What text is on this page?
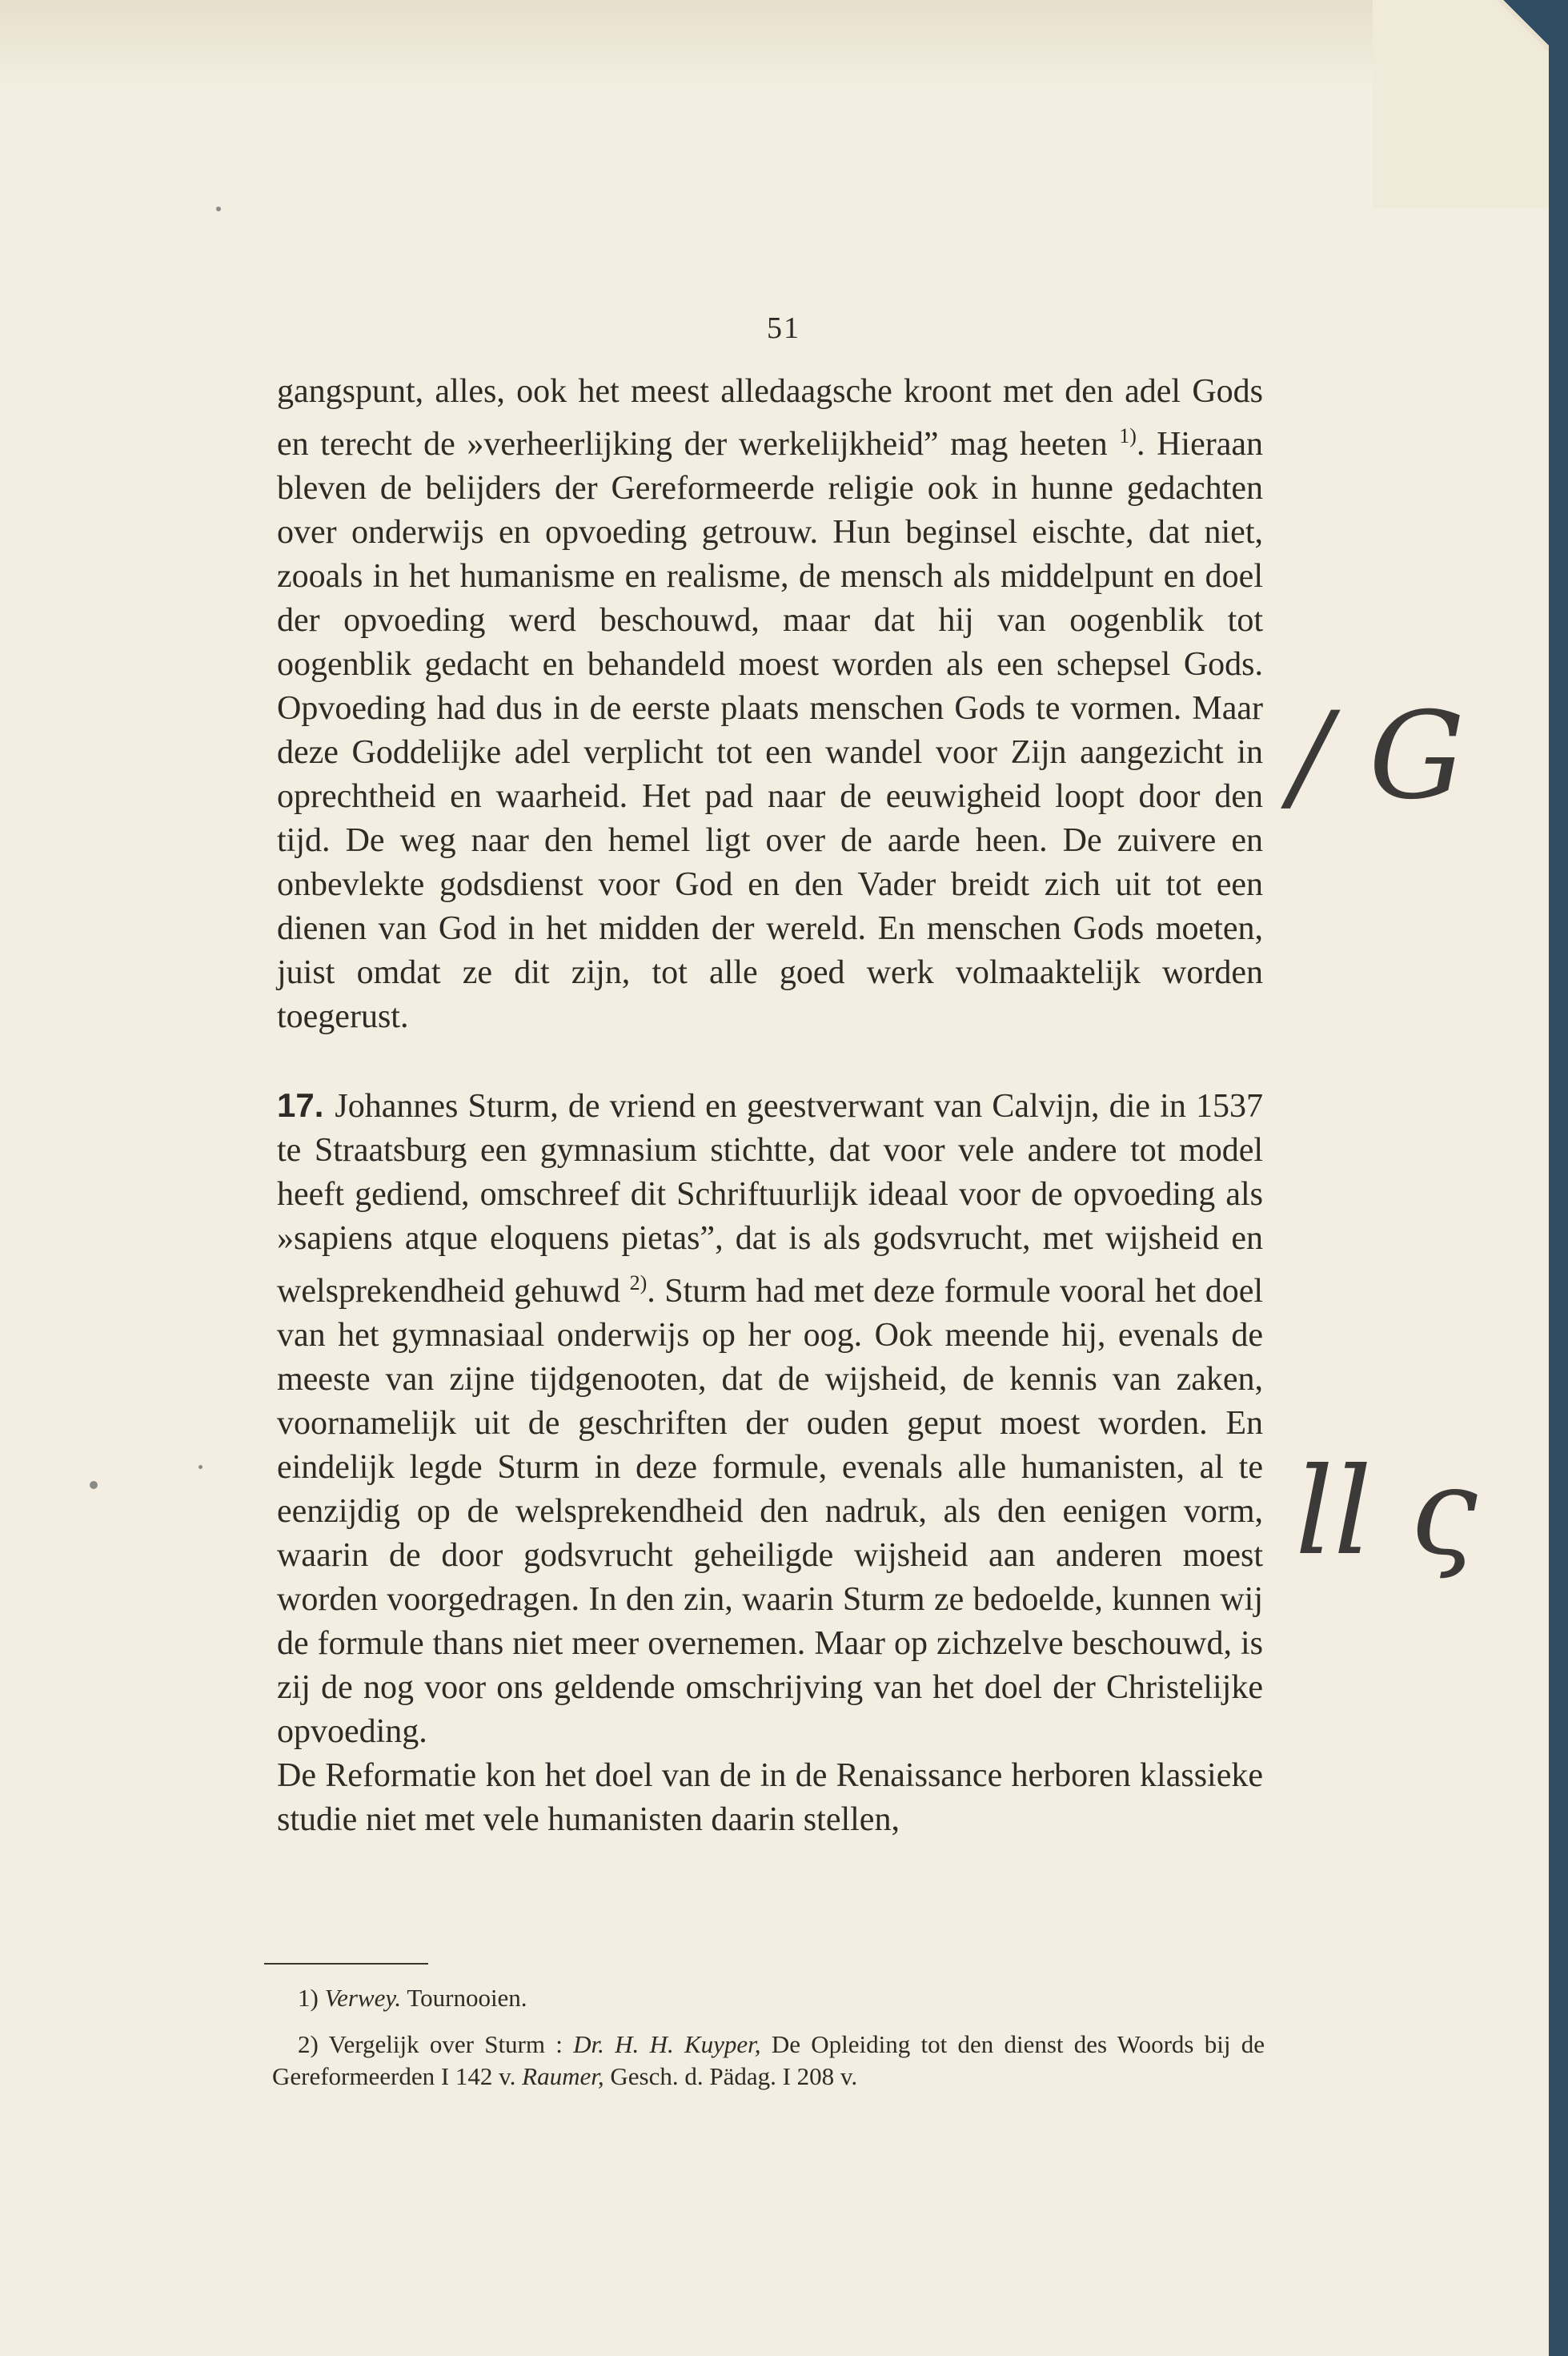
51

gangspunt, alles, ook het meest alledaagsche kroont met den adel Gods en terecht de »verheerlijking der werkelijkheid” mag heeten $^{1)}$. Hieraan bleven de belijders der Gereformeerde religie ook in hunne gedachten over onderwijs en opvoeding getrouw. Hun beginsel eischte, dat niet, zooals in het humanisme en realisme, de mensch als middelpunt en doel der opvoeding werd beschouwd, maar dat hij van oogenblik tot oogenblik gedacht en behandeld moest worden als een schepsel Gods. Opvoeding had dus in de eerste plaats menschen Gods te vormen. Maar deze Goddelijke adel verplicht tot een wandel voor Zijn aangezicht in oprechtheid en waarheid. Het pad naar de eeuwigheid loopt door den tijd. De weg naar den hemel ligt over de aarde heen. De zuivere en onbevlekte godsdienst voor God en den Vader breidt zich uit tot een dienen van God in het midden der wereld. En menschen Gods moeten, juist omdat ze dit zijn, tot alle goed werk volmaaktelijk worden toegerust.

17. Johannes Sturm, de vriend en geestverwant van Calvijn, die in 1537 te Straatsburg een gymnasium stichtte, dat voor vele andere tot model heeft gediend, omschreef dit Schriftuurlijk ideaal voor de opvoeding als »sapiens atque eloquens pietas”, dat is als godsvrucht, met wijsheid en welsprekendheid gehuwd $^{2)}$. Sturm had met deze formule vooral het doel van het gymnasiaal onderwijs op her oog. Ook meende hij, evenals de meeste van zijne tijdgenooten, dat de wijsheid, de kennis van zaken, voornamelijk uit de geschriften der ouden geput moest worden. En eindelijk legde Sturm in deze formule, evenals alle humanisten, al te eenzijdig op de welsprekendheid den nadruk, als den eenigen vorm, waarin de door godsvrucht geheiligde wijsheid aan anderen moest worden voorgedragen. In den zin, waarin Sturm ze bedoelde, kunnen wij de formule thans niet meer overnemen. Maar op zichzelve beschouwd, is zij de nog voor ons geldende omschrijving van het doel der Christelijke opvoeding.

De Reformatie kon het doel van de in de Renaissance herboren klassieke studie niet met vele humanisten daarin stellen,

1) Verwey. Tournooien.

2) Vergelijk over Sturm : Dr. H. H. Kuyper, De Opleiding tot den dienst des Woords bij de Gereformeerden I 142 v. Raumer, Gesch. d. Pädag. I 208 v.

/ G
ll ς
